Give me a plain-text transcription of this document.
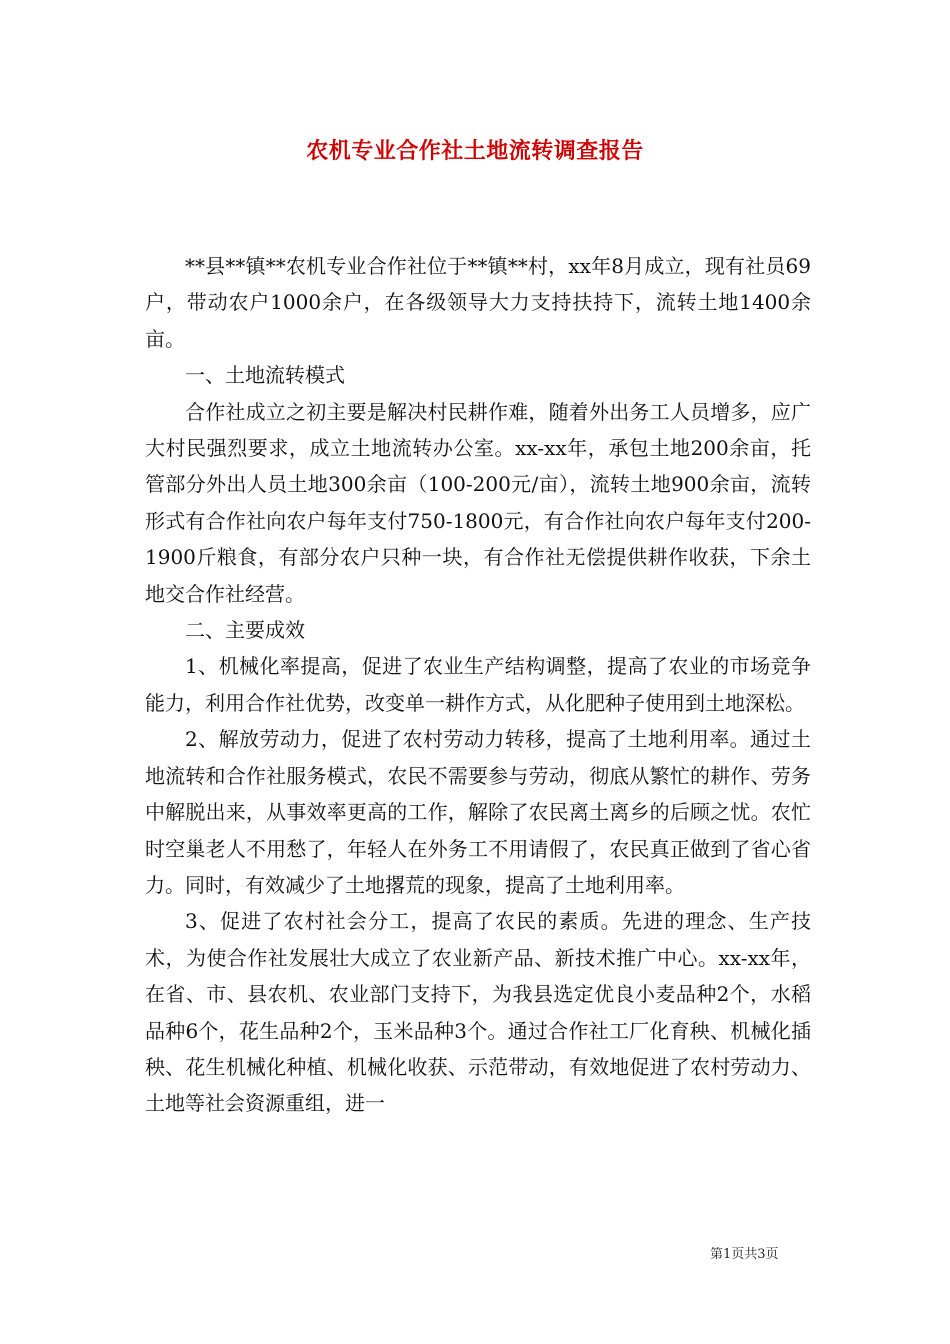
农机专业合作社土地流转调查报告

**县**镇**农机专业合作社位于**镇**村，xx年8月成立，现有社员69户，带动农户1000余户，在各级领导大力支持扶持下，流转土地1400余亩。

一、土地流转模式

合作社成立之初主要是解决村民耕作难，随着外出务工人员增多，应广大村民强烈要求，成立土地流转办公室。xx-xx年，承包土地200余亩，托管部分外出人员土地300余亩（100-200元/亩），流转土地900余亩，流转形式有合作社向农户每年支付750-1800元，有合作社向农户每年支付200-1900斤粮食，有部分农户只种一块，有合作社无偿提供耕作收获，下余土地交合作社经营。

二、主要成效

1、机械化率提高，促进了农业生产结构调整，提高了农业的市场竞争能力，利用合作社优势，改变单一耕作方式，从化肥种子使用到土地深松。

2、解放劳动力，促进了农村劳动力转移，提高了土地利用率。通过土地流转和合作社服务模式，农民不需要参与劳动，彻底从繁忙的耕作、劳务中解脱出来，从事效率更高的工作，解除了农民离土离乡的后顾之忧。农忙时空巢老人不用愁了，年轻人在外务工不用请假了，农民真正做到了省心省力。同时，有效减少了土地撂荒的现象，提高了土地利用率。

3、促进了农村社会分工，提高了农民的素质。先进的理念、生产技术，为使合作社发展壮大成立了农业新产品、新技术推广中心。xx-xx年，在省、市、县农机、农业部门支持下，为我县选定优良小麦品种2个，水稻品种6个，花生品种2个，玉米品种3个。通过合作社工厂化育秧、机械化插秧、花生机械化种植、机械化收获、示范带动，有效地促进了农村劳动力、土地等社会资源重组，进一

第1页共3页
